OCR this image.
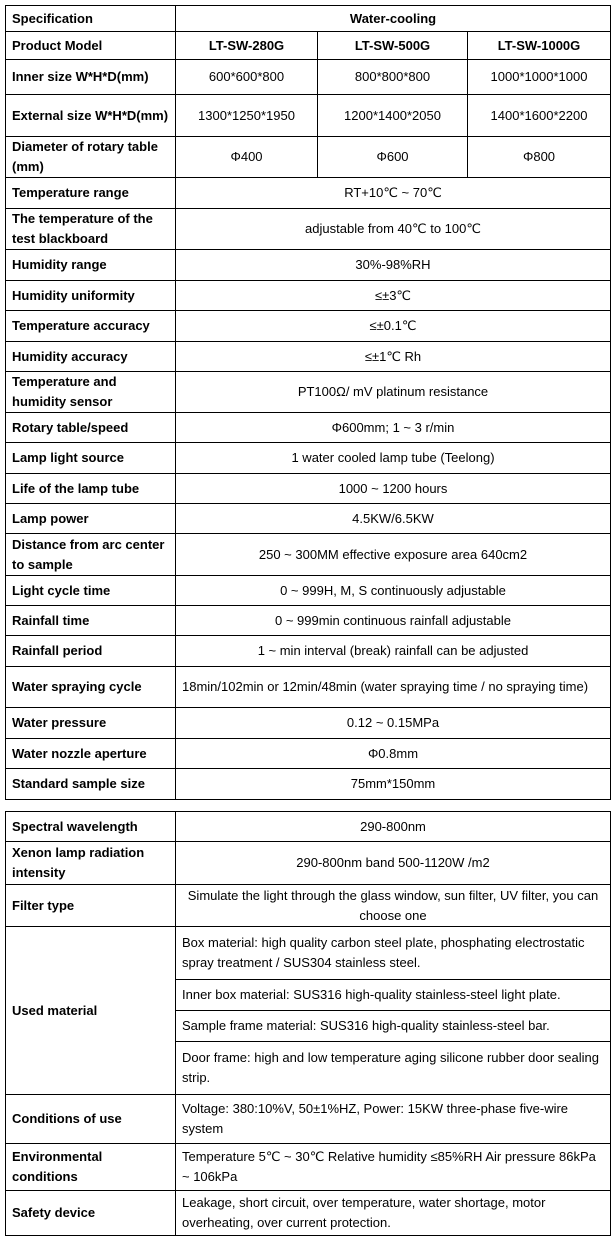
Specification	Water-cooling		
Product Model	LT-SW-280G	LT-SW-500G	LT-SW-1000G
Inner size W*H*D(mm)	600*600*800	800*800*800	1000*1000*1000
External size W*H*D(mm)	1300*1250*1950	1200*1400*2050	1400*1600*2200
Diameter of rotary table (mm)	Φ400	Φ600	Φ800
Temperature range	RT+10℃ ~ 70℃		
The temperature of the test blackboard	adjustable from 40℃ to 100℃		
Humidity range	30%-98%RH		
Humidity uniformity	≤±3℃		
Temperature accuracy	≤±0.1℃		
Humidity accuracy	≤±1℃ Rh		
Temperature and humidity sensor	PT100Ω/ mV platinum resistance		
Rotary table/speed	Φ600mm; 1 ~ 3 r/min		
Lamp light source	1 water cooled lamp tube (Teelong)		
Life of the lamp tube	1000 ~ 1200 hours		
Lamp power	4.5KW/6.5KW		
Distance from arc center to sample	250 ~ 300MM effective exposure area 640cm2		
Light cycle time	0 ~ 999H, M, S continuously adjustable		
Rainfall time	0 ~ 999min continuous rainfall adjustable		
Rainfall period	1 ~ min interval (break) rainfall can be adjusted		
Water spraying cycle	18min/102min or 12min/48min (water spraying time / no spraying time)		
Water pressure	0.12 ~ 0.15MPa		
Water nozzle aperture	Φ0.8mm		
Standard sample size	75mm*150mm		
Spectral wavelength	290-800nm
Xenon lamp radiation intensity	290-800nm band 500-1120W /m2
Filter type	Simulate the light through the glass window, sun filter, UV filter, you can choose one
Used material	Box material: high quality carbon steel plate, phosphating electrostatic spray treatment / SUS304 stainless steel.
	Inner box material: SUS316 high-quality stainless-steel light plate.
	Sample frame material: SUS316 high-quality stainless-steel bar.
	Door frame: high and low temperature aging silicone rubber door sealing strip.
Conditions of use	Voltage: 380:10%V, 50±1%HZ, Power: 15KW three-phase five-wire system
Environmental conditions	Temperature 5℃ ~ 30℃ Relative humidity ≤85%RH Air pressure 86kPa ~ 106kPa
Safety device	Leakage, short circuit, over temperature, water shortage, motor overheating, over current protection.
